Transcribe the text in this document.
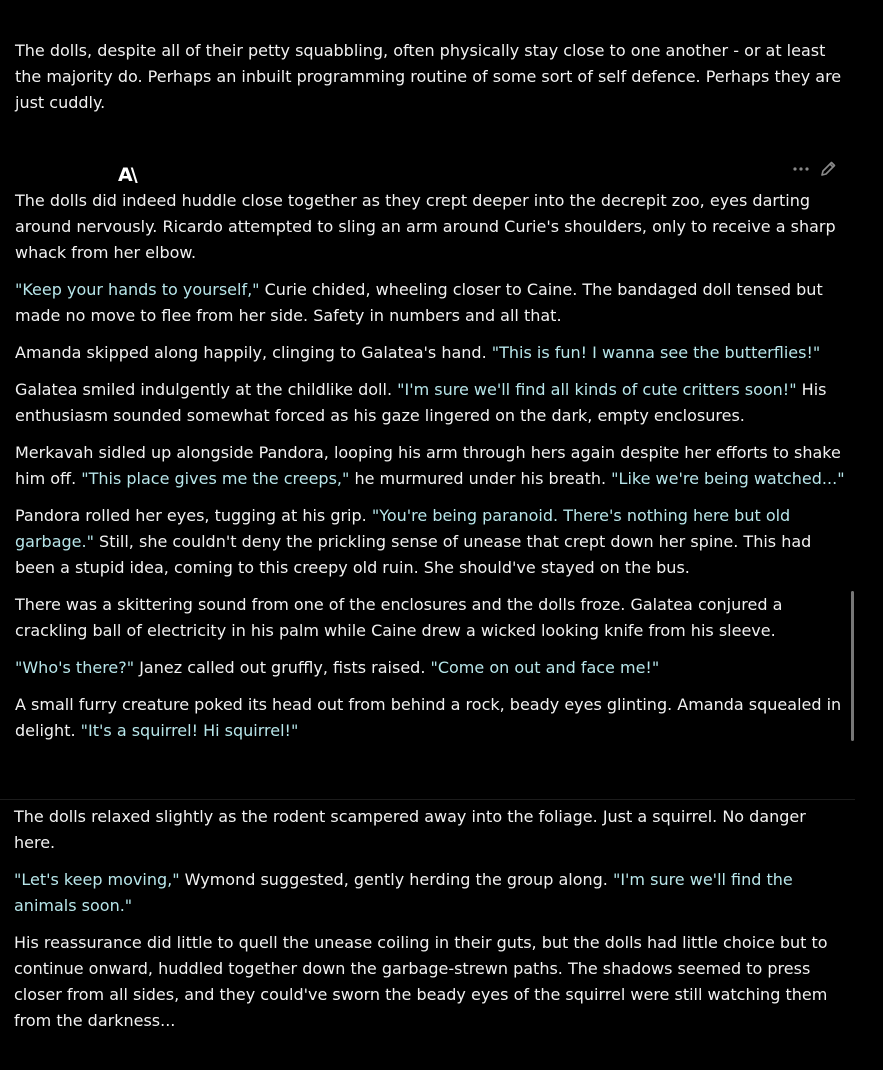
The dolls, despite all of their petty squabbling, often physically stay close to one another - or at least the majority do. Perhaps an inbuilt programming routine of some sort of self defence. Perhaps they are just cuddly.

A\

The dolls did indeed huddle close together as they crept deeper into the decrepit zoo, eyes darting around nervously. Ricardo attempted to sling an arm around Curie's shoulders, only to receive a sharp whack from her elbow.

"Keep your hands to yourself," Curie chided, wheeling closer to Caine. The bandaged doll tensed but made no move to flee from her side. Safety in numbers and all that.

Amanda skipped along happily, clinging to Galatea's hand. "This is fun! I wanna see the butterflies!"

Galatea smiled indulgently at the childlike doll. "I'm sure we'll find all kinds of cute critters soon!" His enthusiasm sounded somewhat forced as his gaze lingered on the dark, empty enclosures.

Merkavah sidled up alongside Pandora, looping his arm through hers again despite her efforts to shake him off. "This place gives me the creeps," he murmured under his breath. "Like we're being watched..."

Pandora rolled her eyes, tugging at his grip. "You're being paranoid. There's nothing here but old garbage." Still, she couldn't deny the prickling sense of unease that crept down her spine. This had been a stupid idea, coming to this creepy old ruin. She should've stayed on the bus.

There was a skittering sound from one of the enclosures and the dolls froze. Galatea conjured a crackling ball of electricity in his palm while Caine drew a wicked looking knife from his sleeve.

"Who's there?" Janez called out gruffly, fists raised. "Come on out and face me!"

A small furry creature poked its head out from behind a rock, beady eyes glinting. Amanda squealed in delight. "It's a squirrel! Hi squirrel!"

The dolls relaxed slightly as the rodent scampered away into the foliage. Just a squirrel. No danger here.

"Let's keep moving," Wymond suggested, gently herding the group along. "I'm sure we'll find the animals soon."

His reassurance did little to quell the unease coiling in their guts, but the dolls had little choice but to continue onward, huddled together down the garbage-strewn paths. The shadows seemed to press closer from all sides, and they could've sworn the beady eyes of the squirrel were still watching them from the darkness...
